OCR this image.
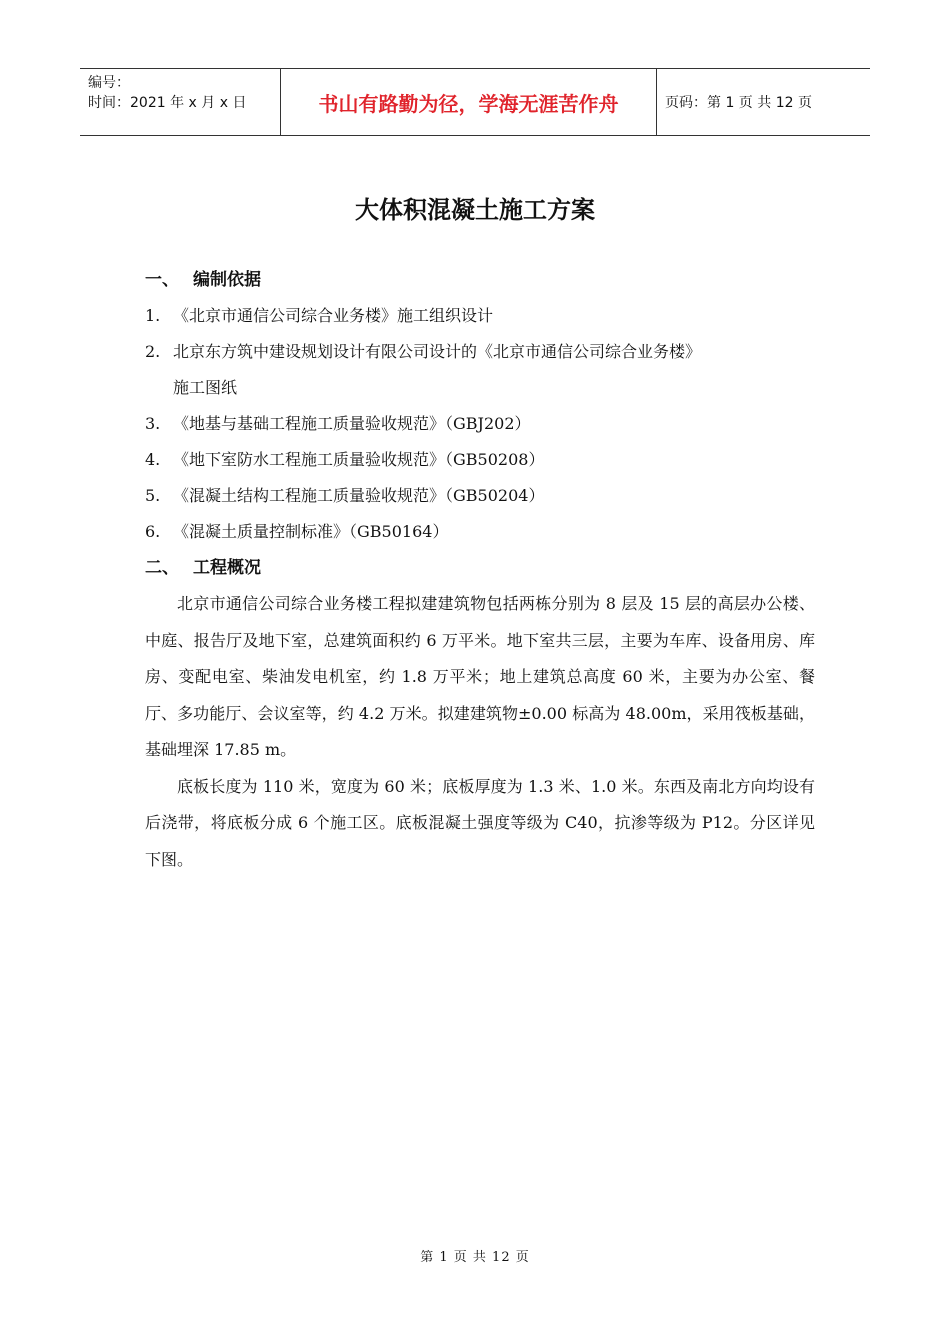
编号：
时间：2021 年 x 月 x 日	书山有路勤为径，学海无涯苦作舟	页码：第 1 页 共 12 页
大体积混凝土施工方案
一、 编制依据
1. 《北京市通信公司综合业务楼》施工组织设计
2. 北京东方筑中建设规划设计有限公司设计的《北京市通信公司综合业务楼》
施工图纸
3. 《地基与基础工程施工质量验收规范》（GBJ202）
4. 《地下室防水工程施工质量验收规范》（GB50208）
5. 《混凝土结构工程施工质量验收规范》（GB50204）
6. 《混凝土质量控制标准》（GB50164）
二、 工程概况

北京市通信公司综合业务楼工程拟建建筑物包括两栋分别为 8 层及 15 层的高层办公楼、中庭、报告厅及地下室，总建筑面积约 6 万平米。地下室共三层，主要为车库、设备用房、库房、变配电室、柴油发电机室，约 1.8 万平米；地上建筑总高度 60 米，主要为办公室、餐厅、多功能厅、会议室等，约 4.2 万米。拟建建筑物±0.00 标高为 48.00m，采用筏板基础，基础埋深 17.85 m。

底板长度为 110 米，宽度为 60 米；底板厚度为 1.3 米、1.0 米。东西及南北方向均设有后浇带，将底板分成 6 个施工区。底板混凝土强度等级为 C40，抗渗等级为 P12。分区详见下图。

第 1 页 共 12 页
